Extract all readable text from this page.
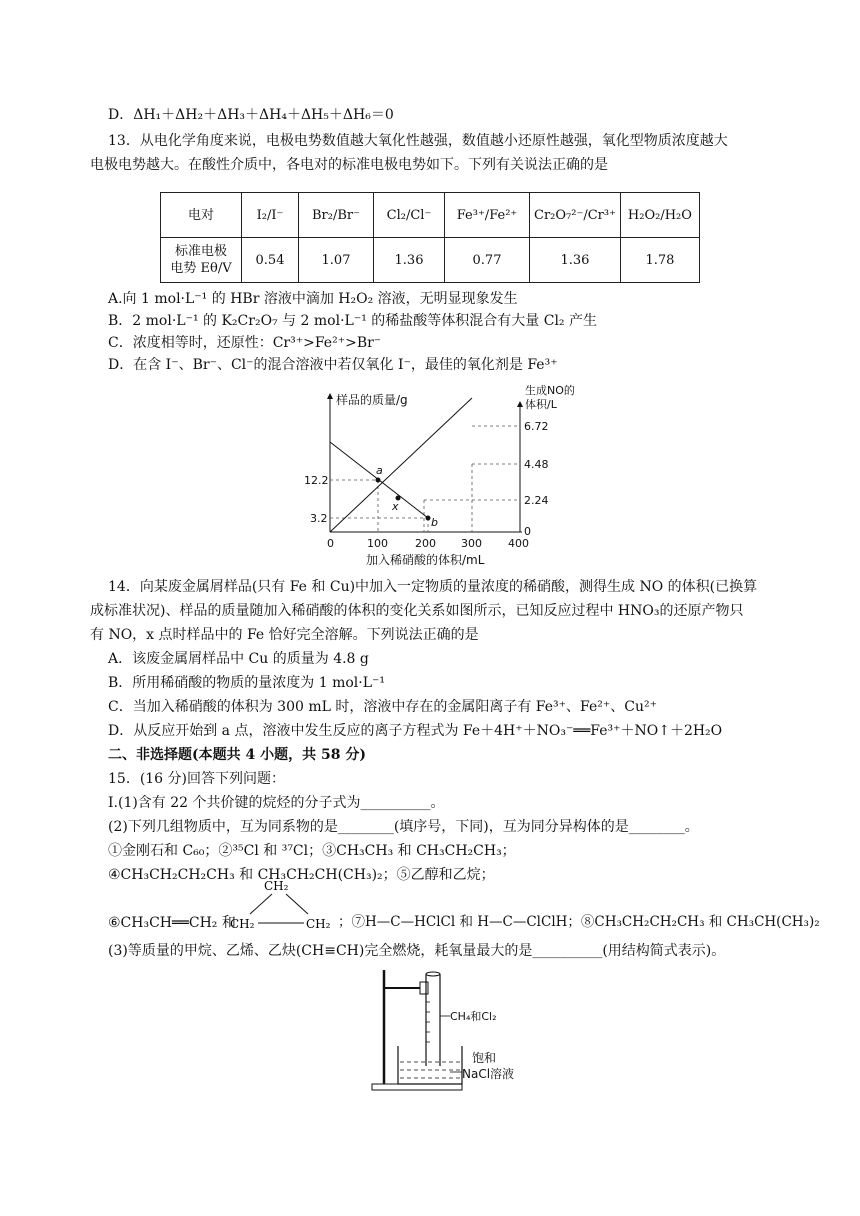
D．ΔH₁＋ΔH₂＋ΔH₃＋ΔH₄＋ΔH₅＋ΔH₆＝0
13．从电化学角度来说，电极电势数值越大氧化性越强，数值越小还原性越强，氧化型物质浓度越大
电极电势越大。在酸性介质中，各电对的标准电极电势如下。下列有关说法正确的是
电对	I₂/I⁻	Br₂/Br⁻	Cl₂/Cl⁻	Fe³⁺/Fe²⁺	Cr₂O₇²⁻/Cr³⁺	H₂O₂/H₂O

标准电极
电势 Eθ/V	0.54	1.07	1.36	0.77	1.36	1.78
A.向 1 mol·L⁻¹ 的 HBr 溶液中滴加 H₂O₂ 溶液，无明显现象发生
B．2 mol·L⁻¹ 的 K₂Cr₂O₇ 与 2 mol·L⁻¹ 的稀盐酸等体积混合有大量 Cl₂ 产生
C．浓度相等时，还原性：Cr³⁺>Fe²⁺>Br⁻
D．在含 I⁻、Br⁻、Cl⁻的混合溶液中若仅氧化 I⁻，最佳的氧化剂是 Fe³⁺
a
x
b
样品的质量/g
生成NO的
体积/L
12.2
3.2
6.72
4.48
2.24
0
0	100 200 300 400
加入稀硝酸的体积/mL
14．向某废金属屑样品(只有 Fe 和 Cu)中加入一定物质的量浓度的稀硝酸，测得生成 NO 的体积(已换算
成标准状况)、样品的质量随加入稀硝酸的体积的变化关系如图所示，已知反应过程中 HNO₃的还原产物只
有 NO，x 点时样品中的 Fe 恰好完全溶解。下列说法正确的是
A．该废金属屑样品中 Cu 的质量为 4.8 g
B．所用稀硝酸的物质的量浓度为 1 mol·L⁻¹
C．当加入稀硝酸的体积为 300 mL 时，溶液中存在的金属阳离子有 Fe³⁺、Fe²⁺、Cu²⁺
D．从反应开始到 a 点，溶液中发生反应的离子方程式为 Fe＋4H⁺＋NO₃⁻══Fe³⁺＋NO↑＋2H₂O
二、非选择题(本题共 4 小题，共 58 分)
15．(16 分)回答下列问题：
Ⅰ.(1)含有 22 个共价键的烷烃的分子式为__________。
(2)下列几组物质中，互为同系物的是________(填序号，下同)，互为同分异构体的是________。
①金刚石和 C₆₀；②³⁵Cl 和 ³⁷Cl；③CH₃CH₃ 和 CH₃CH₂CH₃；
④CH₃CH₂CH₂CH₃ 和 CH₃CH₂CH(CH₃)₂；⑤乙醇和乙烷；
CH₂
CH₂	CH₂
⑥CH₃CH══CH₂ 和	；⑦H—C—HClCl 和 H—C—ClClH；⑧CH₃CH₂CH₂CH₃ 和 CH₃CH(CH₃)₂
(3)等质量的甲烷、乙烯、乙炔(CH≡CH)完全燃烧，耗氧量最大的是__________(用结构简式表示)。
CH₄和Cl₂
饱和
NaCl溶液
